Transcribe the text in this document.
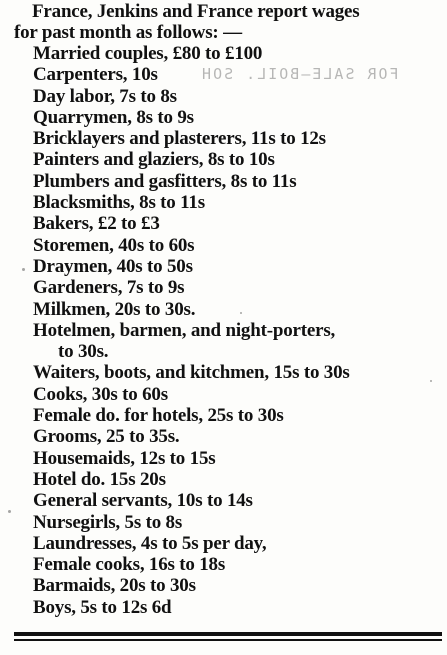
FOR SALE—BOIL. SOH
France, Jenkins and France report wages
for past month as follows: —
Married couples, £80 to £100
Carpenters, 10s
Day labor, 7s to 8s
Quarrymen, 8s to 9s
Bricklayers and plasterers, 11s to 12s
Painters and glaziers, 8s to 10s
Plumbers and gasfitters, 8s to 11s
Blacksmiths, 8s to 11s
Bakers, £2 to £3
Storemen, 40s to 60s
Draymen, 40s to 50s
Gardeners, 7s to 9s
Milkmen, 20s to 30s.
Hotelmen, barmen, and night-porters,
to 30s.
Waiters, boots, and kitchmen, 15s to 30s
Cooks, 30s to 60s
Female do. for hotels, 25s to 30s
Grooms, 25 to 35s.
Housemaids, 12s to 15s
Hotel do. 15s 20s
General servants, 10s to 14s
Nursegirls, 5s to 8s
Laundresses, 4s to 5s per day,
Female cooks, 16s to 18s
Barmaids, 20s to 30s
Boys, 5s to 12s 6d
